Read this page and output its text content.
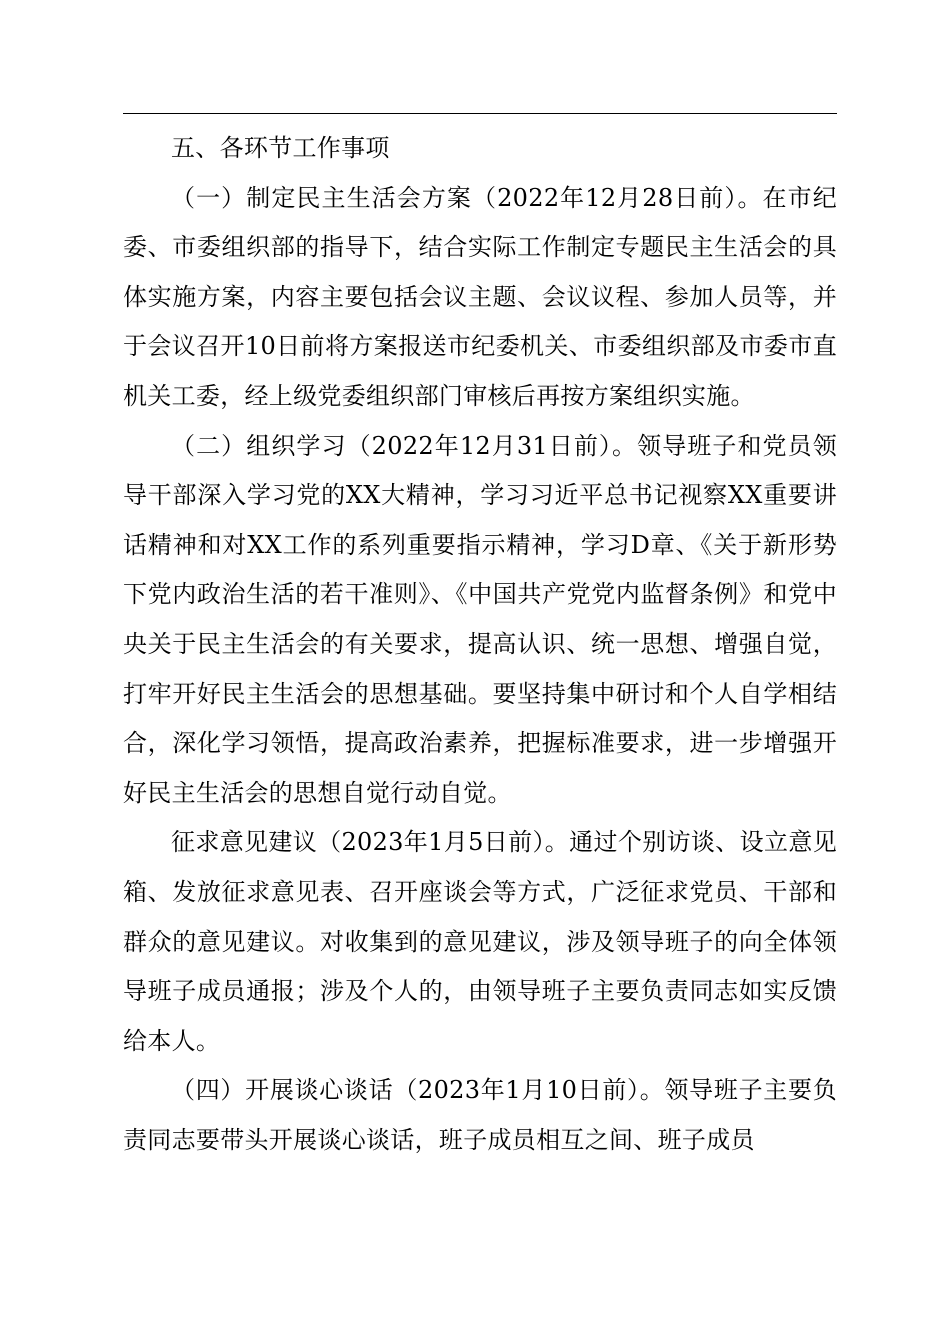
五、各环节工作事项

（一）制定民主生活会方案（2022年12月28日前）。在市纪委、市委组织部的指导下，结合实际工作制定专题民主生活会的具体实施方案，内容主要包括会议主题、会议议程、参加人员等，并于会议召开10日前将方案报送市纪委机关、市委组织部及市委市直机关工委，经上级党委组织部门审核后再按方案组织实施。

（二）组织学习（2022年12月31日前）。领导班子和党员领导干部深入学习党的XX大精神，学习习近平总书记视察XX重要讲话精神和对XX工作的系列重要指示精神，学习D章、《关于新形势下党内政治生活的若干准则》、《中国共产党党内监督条例》和党中央关于民主生活会的有关要求，提高认识、统一思想、增强自觉，打牢开好民主生活会的思想基础。要坚持集中研讨和个人自学相结合，深化学习领悟，提高政治素养，把握标准要求，进一步增强开好民主生活会的思想自觉行动自觉。

征求意见建议（2023年1月5日前）。通过个别访谈、设立意见箱、发放征求意见表、召开座谈会等方式，广泛征求党员、干部和群众的意见建议。对收集到的意见建议，涉及领导班子的向全体领导班子成员通报；涉及个人的，由领导班子主要负责同志如实反馈给本人。

（四）开展谈心谈话（2023年1月10日前）。领导班子主要负责同志要带头开展谈心谈话，班子成员相互之间、班子成员
